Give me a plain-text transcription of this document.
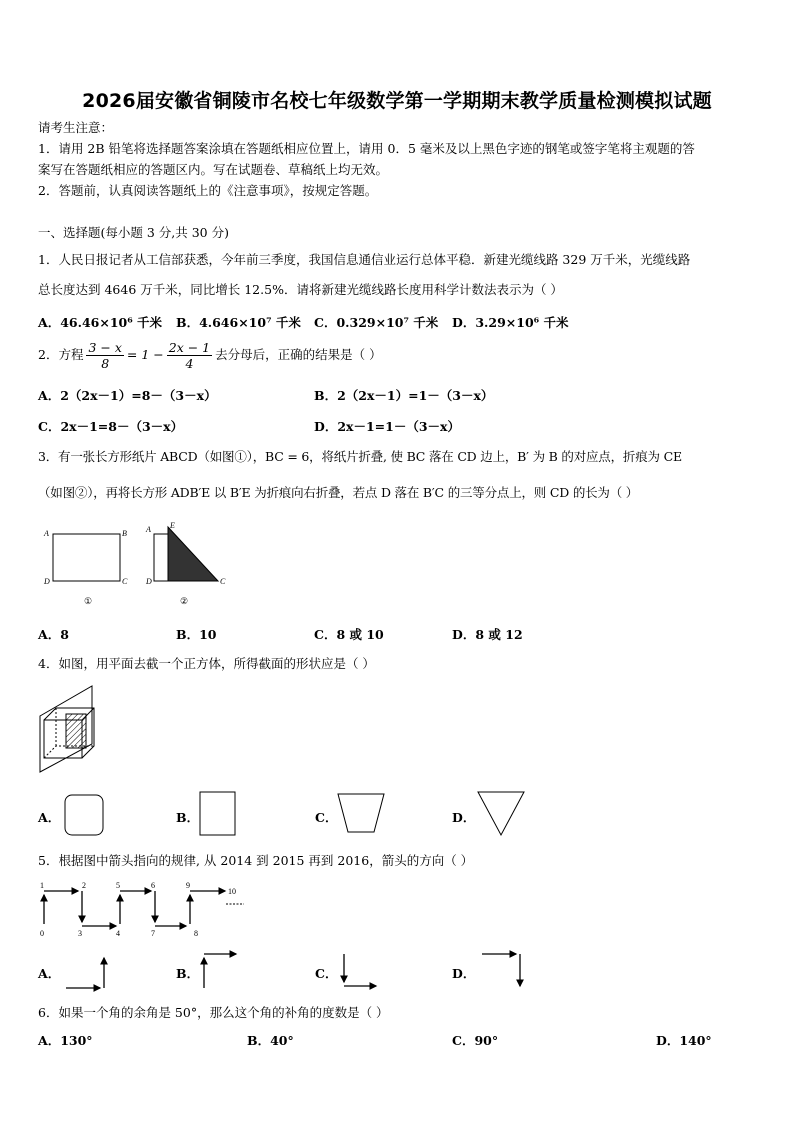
2026届安徽省铜陵市名校七年级数学第一学期期末教学质量检测模拟试题
请考生注意：
1．请用 2B 铅笔将选择题答案涂填在答题纸相应位置上，请用 0．5 毫米及以上黑色字迹的钢笔或签字笔将主观题的答
案写在答题纸相应的答题区内。写在试题卷、草稿纸上均无效。
2．答题前，认真阅读答题纸上的《注意事项》，按规定答题。
一、选择题(每小题 3 分,共 30 分)
1．人民日报记者从工信部获悉，今年前三季度，我国信息通信业运行总体平稳．新建光缆线路 329 万千米，光缆线路
总长度达到 4646 万千米，同比增长 12.5%．请将新建光缆线路长度用科学计数法表示为（ ）
A．46.46×10⁶ 千米 B．4.646×10⁷ 千米 C．0.329×10⁷ 千米 D．3.29×10⁶ 千米
2．方程 $\frac{3 - x}{8} = 1 - \frac{2x - 1}{4}$ 去分母后，正确的结果是（ ）
A．2（2x－1）=8－（3－x）	B．2（2x－1）=1－（3－x）
C．2x－1=8－（3－x）	D．2x－1=1－（3－x）
3．有一张长方形纸片 ABCD（如图①），BC = 6，将纸片折叠, 使 BC 落在 CD 边上，B′ 为 B 的对应点，折痕为 CE
（如图②），再将长方形 ADB′E 以 B′E 为折痕向右折叠，若点 D 落在 B′C 的三等分点上，则 CD 的长为（ ）
A	B
D	C
①
A E
D	C
②
A．8	B．10	C．8 或 10	D．8 或 12
4．如图，用平面去截一个正方体，所得截面的形状应是（ ）
A．	B．	C．	D．
5．根据图中箭头指向的规律, 从 2014 到 2015 再到 2016，箭头的方向（ ）
1	2
0	3
5
4	7
6	9
8
10
A．	B．	C．	D．
6．如果一个角的余角是 50°，那么这个角的补角的度数是（ ）
A．130°	B．40°	C．90°	D．140°
